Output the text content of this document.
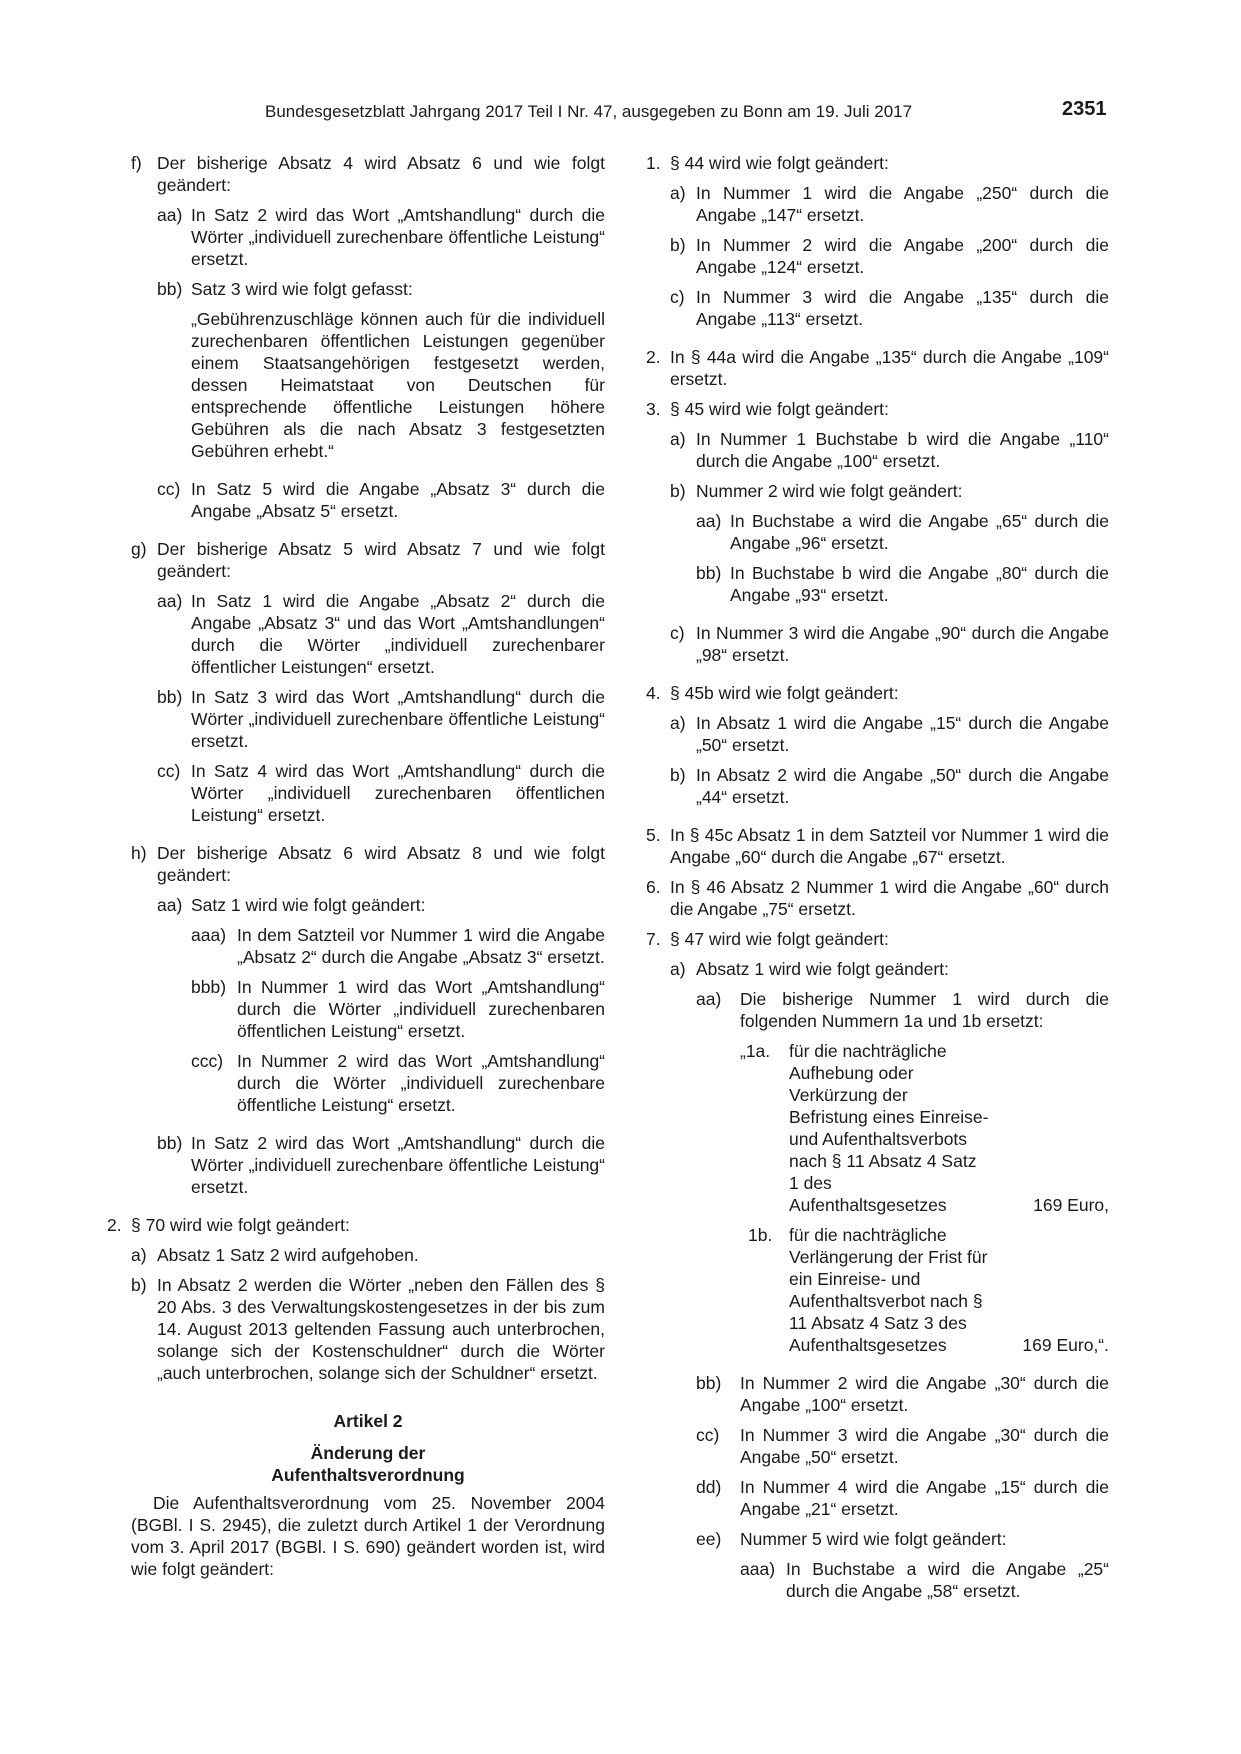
Bundesgesetzblatt Jahrgang 2017 Teil I Nr. 47, ausgegeben zu Bonn am 19. Juli 2017	2351
f) Der bisherige Absatz 4 wird Absatz 6 und wie folgt geändert:
aa) In Satz 2 wird das Wort „Amtshandlung“ durch die Wörter „individuell zurechenbare öffentliche Leistung“ ersetzt.
bb) Satz 3 wird wie folgt gefasst:
„Gebührenzuschläge können auch für die individuell zurechenbaren öffentlichen Leistungen gegenüber einem Staatsangehörigen festgesetzt werden, dessen Heimatstaat von Deutschen für entsprechende öffentliche Leistungen höhere Gebühren als die nach Absatz 3 festgesetzten Gebühren erhebt.“
cc) In Satz 5 wird die Angabe „Absatz 3“ durch die Angabe „Absatz 5“ ersetzt.
g) Der bisherige Absatz 5 wird Absatz 7 und wie folgt geändert:
aa) In Satz 1 wird die Angabe „Absatz 2“ durch die Angabe „Absatz 3“ und das Wort „Amtshandlungen“ durch die Wörter „individuell zurechenbarer öffentlicher Leistungen“ ersetzt.
bb) In Satz 3 wird das Wort „Amtshandlung“ durch die Wörter „individuell zurechenbare öffentliche Leistung“ ersetzt.
cc) In Satz 4 wird das Wort „Amtshandlung“ durch die Wörter „individuell zurechenbaren öffentlichen Leistung“ ersetzt.
h) Der bisherige Absatz 6 wird Absatz 8 und wie folgt geändert:
aa) Satz 1 wird wie folgt geändert:
aaa) In dem Satzteil vor Nummer 1 wird die Angabe „Absatz 2“ durch die Angabe „Absatz 3“ ersetzt.
bbb) In Nummer 1 wird das Wort „Amtshandlung“ durch die Wörter „individuell zurechenbaren öffentlichen Leistung“ ersetzt.
ccc) In Nummer 2 wird das Wort „Amtshandlung“ durch die Wörter „individuell zurechenbare öffentliche Leistung“ ersetzt.
bb) In Satz 2 wird das Wort „Amtshandlung“ durch die Wörter „individuell zurechenbare öffentliche Leistung“ ersetzt.
2. § 70 wird wie folgt geändert:
a) Absatz 1 Satz 2 wird aufgehoben.
b) In Absatz 2 werden die Wörter „neben den Fällen des § 20 Abs. 3 des Verwaltungskostengesetzes in der bis zum 14. August 2013 geltenden Fassung auch unterbrochen, solange sich der Kostenschuldner“ durch die Wörter „auch unterbrochen, solange sich der Schuldner“ ersetzt.
Artikel 2
Änderung der
Aufenthaltsverordnung
Die Aufenthaltsverordnung vom 25. November 2004 (BGBl. I S. 2945), die zuletzt durch Artikel 1 der Verordnung vom 3. April 2017 (BGBl. I S. 690) geändert worden ist, wird wie folgt geändert:
1. § 44 wird wie folgt geändert:
a) In Nummer 1 wird die Angabe „250“ durch die Angabe „147“ ersetzt.
b) In Nummer 2 wird die Angabe „200“ durch die Angabe „124“ ersetzt.
c) In Nummer 3 wird die Angabe „135“ durch die Angabe „113“ ersetzt.
2. In § 44a wird die Angabe „135“ durch die Angabe „109“ ersetzt.
3. § 45 wird wie folgt geändert:
a) In Nummer 1 Buchstabe b wird die Angabe „110“ durch die Angabe „100“ ersetzt.
b) Nummer 2 wird wie folgt geändert:
aa) In Buchstabe a wird die Angabe „65“ durch die Angabe „96“ ersetzt.
bb) In Buchstabe b wird die Angabe „80“ durch die Angabe „93“ ersetzt.
c) In Nummer 3 wird die Angabe „90“ durch die Angabe „98“ ersetzt.
4. § 45b wird wie folgt geändert:
a) In Absatz 1 wird die Angabe „15“ durch die Angabe „50“ ersetzt.
b) In Absatz 2 wird die Angabe „50“ durch die Angabe „44“ ersetzt.
5. In § 45c Absatz 1 in dem Satzteil vor Nummer 1 wird die Angabe „60“ durch die Angabe „67“ ersetzt.
6. In § 46 Absatz 2 Nummer 1 wird die Angabe „60“ durch die Angabe „75“ ersetzt.
7. § 47 wird wie folgt geändert:
a) Absatz 1 wird wie folgt geändert:
aa)	Die bisherige Nummer 1 wird durch die folgenden Nummern 1a und 1b ersetzt:
„1a.	für die nachträgliche Aufhebung oder Verkürzung der Befristung eines Einreise- und Aufenthaltsverbots nach § 11 Absatz 4 Satz 1 des Aufenthaltsgesetzes	169 Euro,
1b. für die nachträgliche Verlängerung der Frist für ein Einreise- und Aufenthaltsverbot nach § 11 Absatz 4 Satz 3 des Aufenthaltsgesetzes	169 Euro,“.
bb)	In Nummer 2 wird die Angabe „30“ durch die Angabe „100“ ersetzt.
cc)	In Nummer 3 wird die Angabe „30“ durch die Angabe „50“ ersetzt.
dd)	In Nummer 4 wird die Angabe „15“ durch die Angabe „21“ ersetzt.
ee)	Nummer 5 wird wie folgt geändert:
aaa) In Buchstabe a wird die Angabe „25“ durch die Angabe „58“ ersetzt.
